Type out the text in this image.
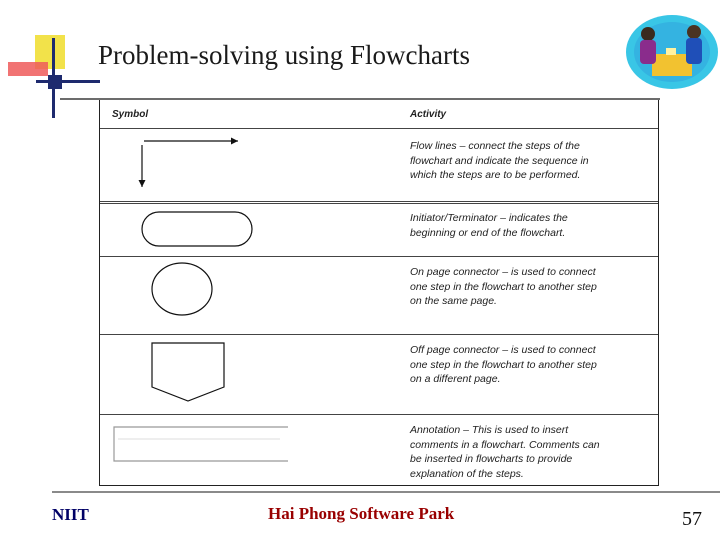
Problem-solving using Flowcharts
Symbol	Activity
Flow lines – connect the steps of the
flowchart and indicate the sequence in
which the steps are to be performed.
Initiator/Terminator – indicates the
beginning or end of the flowchart.
On page connector – is used to connect
one step in the flowchart to another step
on the same page.
Off page connector – is used to connect
one step in the flowchart to another step
on a different page.
Annotation – This is used to insert
comments in a flowchart. Comments can
be inserted in flowcharts to provide
explanation of the steps.
NIIT	Hai Phong Software Park	57
